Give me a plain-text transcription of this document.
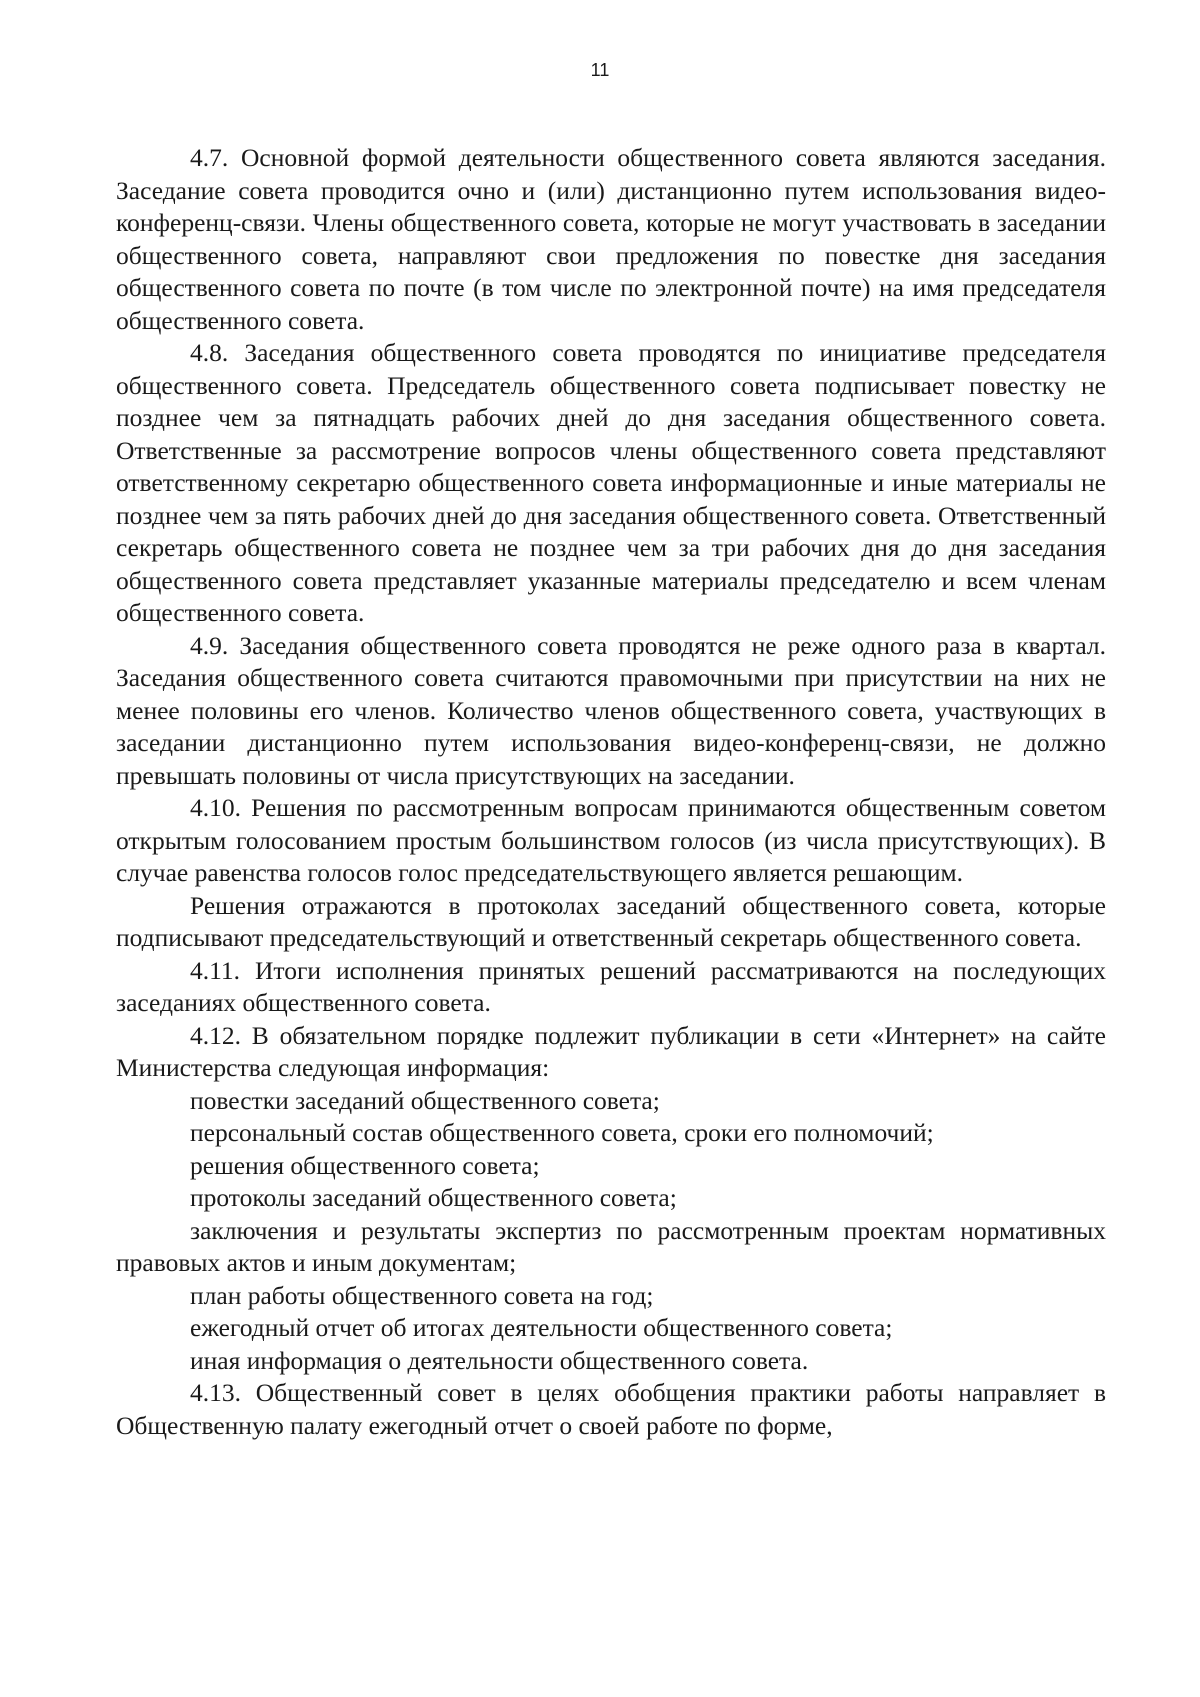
11

4.7. Основной формой деятельности общественного совета являются заседания. Заседание совета проводится очно и (или) дистанционно путем использования видео-конференц-связи. Члены общественного совета, которые не могут участвовать в заседании общественного совета, направляют свои предложения по повестке дня заседания общественного совета по почте (в том числе по электронной почте) на имя председателя общественного совета.

4.8. Заседания общественного совета проводятся по инициативе председателя общественного совета. Председатель общественного совета подписывает повестку не позднее чем за пятнадцать рабочих дней до дня заседания общественного совета. Ответственные за рассмотрение вопросов члены общественного совета представляют ответственному секретарю общественного совета информационные и иные материалы не позднее чем за пять рабочих дней до дня заседания общественного совета. Ответственный секретарь общественного совета не позднее чем за три рабочих дня до дня заседания общественного совета представляет указанные материалы председателю и всем членам общественного совета.

4.9. Заседания общественного совета проводятся не реже одного раза в квартал. Заседания общественного совета считаются правомочными при присутствии на них не менее половины его членов. Количество членов общественного совета, участвующих в заседании дистанционно путем использования видео-конференц-связи, не должно превышать половины от числа присутствующих на заседании.

4.10. Решения по рассмотренным вопросам принимаются общественным советом открытым голосованием простым большинством голосов (из числа присутствующих). В случае равенства голосов голос председательствующего является решающим.

Решения отражаются в протоколах заседаний общественного совета, которые подписывают председательствующий и ответственный секретарь общественного совета.

4.11. Итоги исполнения принятых решений рассматриваются на последующих заседаниях общественного совета.

4.12. В обязательном порядке подлежит публикации в сети «Интернет» на сайте Министерства следующая информация:

повестки заседаний общественного совета;

персональный состав общественного совета, сроки его полномочий;

решения общественного совета;

протоколы заседаний общественного совета;

заключения и результаты экспертиз по рассмотренным проектам нормативных правовых актов и иным документам;

план работы общественного совета на год;

ежегодный отчет об итогах деятельности общественного совета;

иная информация о деятельности общественного совета.

4.13. Общественный совет в целях обобщения практики работы направляет в Общественную палату ежегодный отчет о своей работе по форме,
